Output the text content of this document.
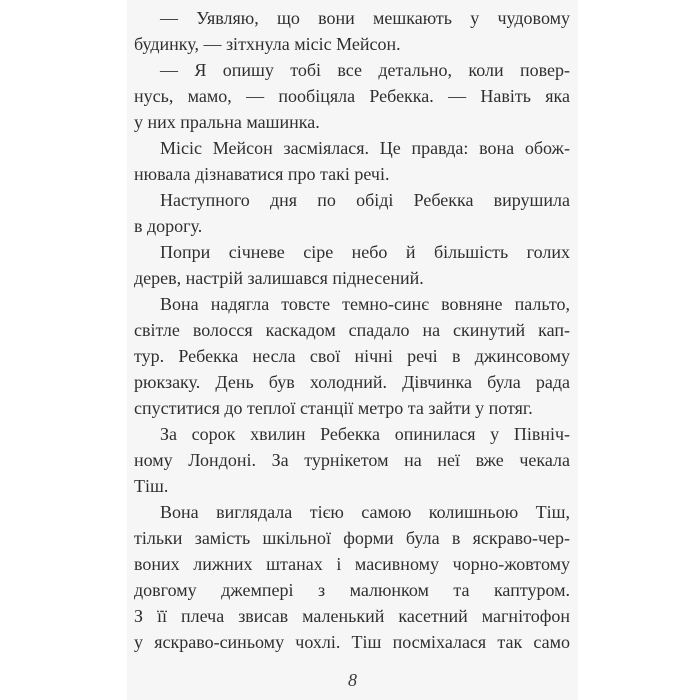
— Уявляю, що вони мешкають у чудовому
будинку, — зітхнула місіс Мейсон.
— Я опишу тобі все детально, коли повер-
нусь, мамо, — пообіцяла Ребекка. — Навіть яка
у них пральна машинка.
Місіс Мейсон засміялася. Це правда: вона обож-
нювала дізнаватися про такі речі.
Наступного дня по обіді Ребекка вирушила
в дорогу.
Попри січневе сіре небо й більшість голих
дерев, настрій залишався піднесений.
Вона надягла товсте темно-синє вовняне пальто,
світле волосся каскадом спадало на скинутий кап-
тур. Ребекка несла свої нічні речі в джинсовому
рюкзаку. День був холодний. Дівчинка була рада
спуститися до теплої станції метро та зайти у потяг.
За сорок хвилин Ребекка опинилася у Північ-
ному Лондоні. За турнікетом на неї вже чекала
Тіш.
Вона виглядала тією самою колишньою Тіш,
тільки замість шкільної форми була в яскраво-чер-
воних лижних штанах і масивному чорно-жовтому
довгому джемпері з малюнком та каптуром.
З її плеча звисав маленький касетний магнітофон
у яскраво-синьому чохлі. Тіш посміхалася так само
8
